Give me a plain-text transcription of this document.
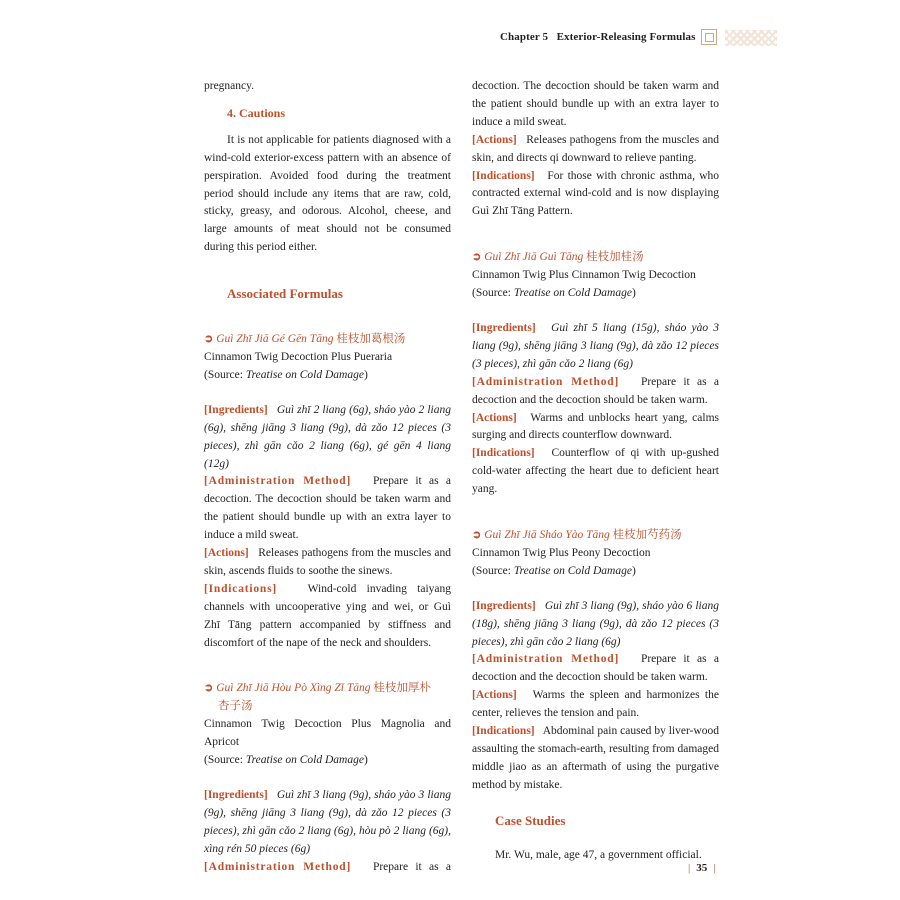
Chapter 5 Exterior-Releasing Formulas

pregnancy.

4. Cautions

It is not applicable for patients diagnosed with a wind-cold exterior-excess pattern with an absence of perspiration. Avoided food during the treatment period should include any items that are raw, cold, sticky, greasy, and odorous. Alcohol, cheese, and large amounts of meat should not be consumed during this period either.

Associated Formulas

➲ Guì Zhī Jiā Gé Gēn Tāng 桂枝加葛根汤

Cinnamon Twig Decoction Plus Pueraria

(Source: Treatise on Cold Damage)

[Ingredients] Guì zhī 2 liang (6g), sháo yào 2 liang (6g), shēng jiāng 3 liang (9g), dà zǎo 12 pieces (3 pieces), zhì gān cǎo 2 liang (6g), gé gēn 4 liang (12g)

[Administration Method] Prepare it as a decoction. The decoction should be taken warm and the patient should bundle up with an extra layer to induce a mild sweat.

[Actions] Releases pathogens from the muscles and skin, ascends fluids to soothe the sinews.

[Indications]	Wind-cold invading taiyang channels with uncooperative ying and wei, or Guì Zhī Tāng pattern accompanied by stiffness and discomfort of the nape of the neck and shoulders.

➲ Guì Zhī Jiā Hòu Pò Xìng Zǐ Tāng 桂枝加厚朴
杏子汤

Cinnamon Twig Decoction Plus Magnolia and Apricot

(Source: Treatise on Cold Damage)

[Ingredients] Guì zhī 3 liang (9g), sháo yào 3 liang (9g), shēng jiāng 3 liang (9g), dà zǎo 12 pieces (3 pieces), zhì gān cǎo 2 liang (6g), hòu pò 2 liang (6g), xìng rén 50 pieces (6g)

[Administration Method] Prepare it as a

decoction. The decoction should be taken warm and the patient should bundle up with an extra layer to induce a mild sweat.

[Actions] Releases pathogens from the muscles and skin, and directs qi downward to relieve panting.

[Indications] For those with chronic asthma, who contracted external wind-cold and is now displaying Guì Zhī Tāng Pattern.

➲ Guì Zhī Jiā Guì Tāng 桂枝加桂汤

Cinnamon Twig Plus Cinnamon Twig Decoction

(Source: Treatise on Cold Damage)

[Ingredients] Guì zhī 5 liang (15g), sháo yào 3 liang (9g), shēng jiāng 3 liang (9g), dà zǎo 12 pieces (3 pieces), zhì gān cǎo 2 liang (6g)

[Administration Method] Prepare it as a decoction and the decoction should be taken warm.

[Actions] Warms and unblocks heart yang, calms surging and directs counterflow downward.

[Indications] Counterflow of qi with up-gushed cold-water affecting the heart due to deficient heart yang.

➲ Guì Zhī Jiā Sháo Yào Tāng 桂枝加芍药汤

Cinnamon Twig Plus Peony Decoction

(Source: Treatise on Cold Damage)

[Ingredients] Guì zhī 3 liang (9g), sháo yào 6 liang (18g), shēng jiāng 3 liang (9g), dà zǎo 12 pieces (3 pieces), zhì gān cǎo 2 liang (6g)

[Administration Method] Prepare it as a decoction and the decoction should be taken warm.

[Actions] Warms the spleen and harmonizes the center, relieves the tension and pain.

[Indications] Abdominal pain caused by liver-wood assaulting the stomach-earth, resulting from damaged middle jiao as an aftermath of using the purgative method by mistake.

Case Studies

Mr. Wu, male, age 47, a government official.

| 35 |
